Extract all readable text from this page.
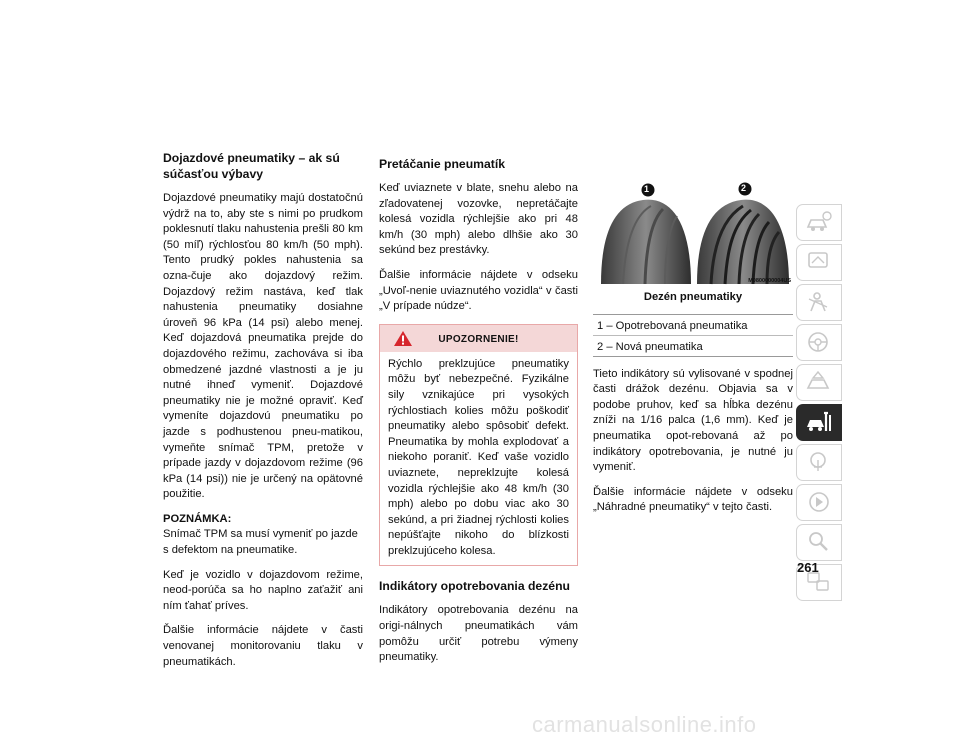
Dojazdové pneumatiky – ak sú súčasťou výbavy

Dojazdové pneumatiky majú dostatočnú výdrž na to, aby ste s nimi po prudkom poklesnutí tlaku nahustenia prešli 80 km (50 míľ) rýchlosťou 80 km/h (50 mph). Tento prudký pokles nahustenia sa ozna-čuje ako dojazdový režim. Dojazdový režim nastáva, keď tlak nahustenia pneumatiky dosiahne úroveň 96 kPa (14 psi) alebo menej. Keď dojazdová pneumatika prejde do dojazdového režimu, zachováva si iba obmedzené jazdné vlastnosti a je ju nutné ihneď vymeniť. Dojazdové pneumatiky nie je možné opraviť. Keď vymeníte dojazdovú pneumatiku po jazde s podhustenou pneu-matikou, vymeňte snímač TPM, pretože v prípade jazdy v dojazdovom režime (96 kPa (14 psi)) nie je určený na opätovné použitie.

POZNÁMKA:
Snímač TPM sa musí vymeniť po jazde s defektom na pneumatike.

Keď je vozidlo v dojazdovom režime, neod-porúča sa ho naplno zaťažiť ani ním ťahať príves.

Ďalšie informácie nájdete v časti venovanej monitorovaniu tlaku v pneumatikách.

Pretáčanie pneumatík

Keď uviaznete v blate, snehu alebo na zľadovatenej vozovke, nepretáčajte kolesá vozidla rýchlejšie ako pri 48 km/h (30 mph) alebo dlhšie ako 30 sekúnd bez prestávky.

Ďalšie informácie nájdete v odseku „Uvoľ-nenie uviaznutého vozidla“ v časti „V prípade núdze“.

UPOZORNENIE!
Rýchlo preklzujúce pneumatiky môžu byť nebezpečné. Fyzikálne sily vznikajúce pri vysokých rýchlostiach kolies môžu poškodiť pneumatiky alebo spôsobiť defekt. Pneumatika by mohla explodovať a niekoho poraniť. Keď vaše vozidlo uviaznete, nepreklzujte kolesá vozidla rýchlejšie ako 48 km/h (30 mph) alebo po dobu viac ako 30 sekúnd, a pri žiadnej rýchlosti kolies nepúšťajte nikoho do blízkosti preklzujúceho kolesa.
Indikátory opotrebovania dezénu

Indikátory opotrebovania dezénu na origi-nálnych pneumatikách vám pomôžu určiť potrebu výmeny pneumatiky.

1	2
M0800000004US
Dezén pneumatiky
1 – Opotrebovaná pneumatika
2 – Nová pneumatika

Tieto indikátory sú vylisované v spodnej časti drážok dezénu. Objavia sa v podobe pruhov, keď sa hĺbka dezénu zníži na 1/16 palca (1,6 mm). Keď je pneumatika opot-rebovaná až po indikátory opotrebovania, je nutné ju vymeniť.

Ďalšie informácie nájdete v odseku „Náhradné pneumatiky“ v tejto časti.

261
carmanualsonline.info
